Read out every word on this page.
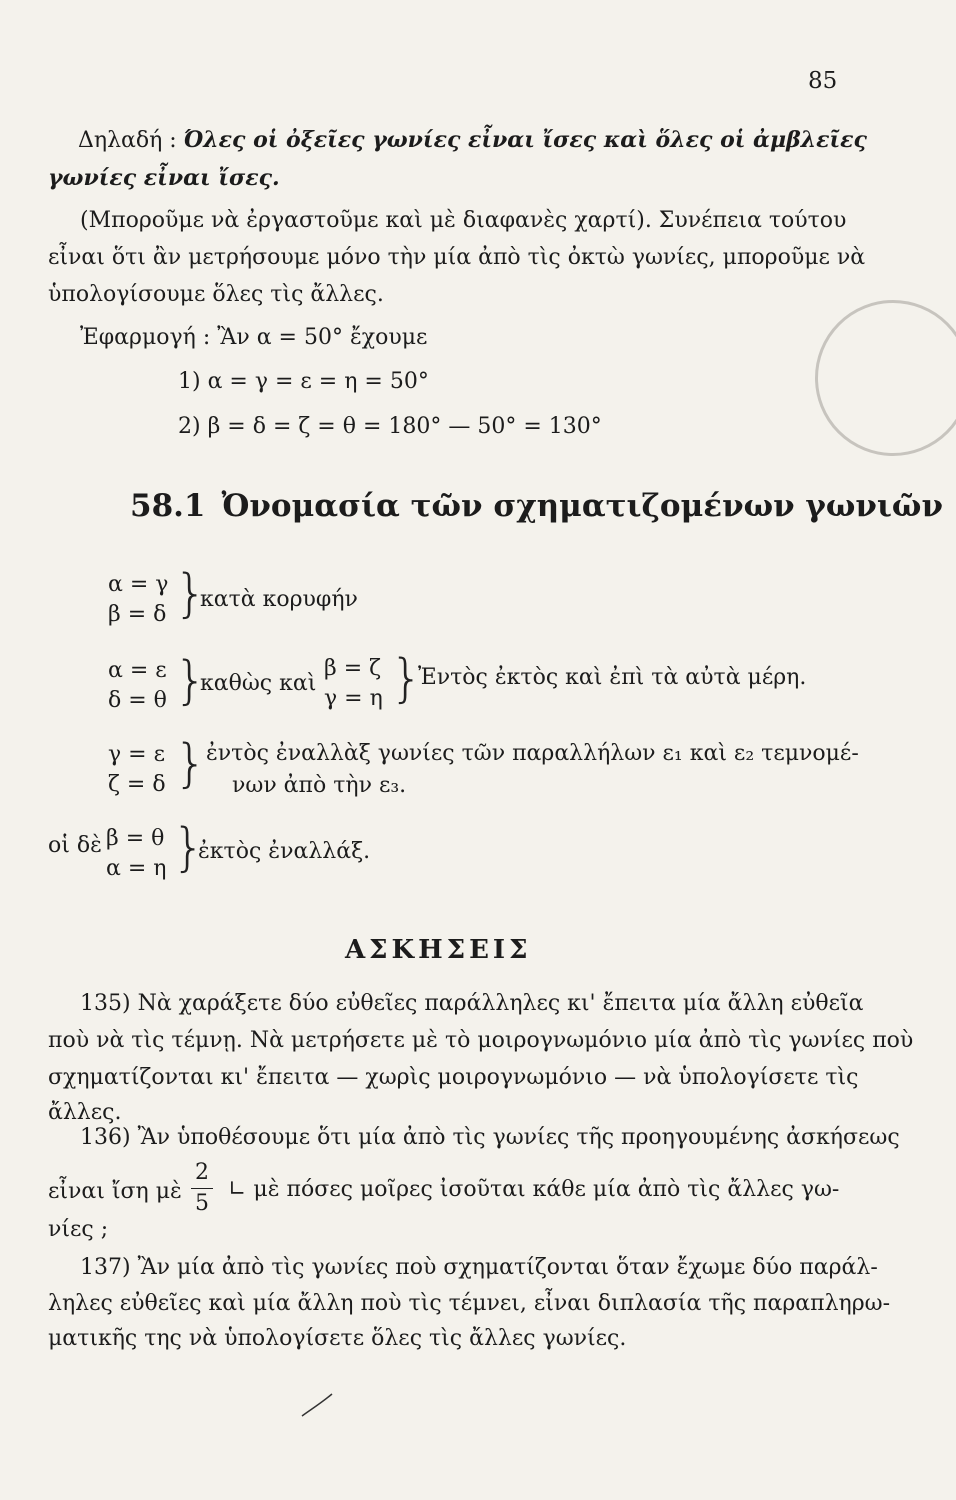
85
Δηλαδή : Όλες οἱ ὀξεῖες γωνίες εἶναι ἴσες καὶ ὅλες οἱ ἀμβλεῖες
γωνίες εἶναι ἴσες.
(Μποροῦμε νὰ ἐργαστοῦμε καὶ μὲ διαφανὲς χαρτί). Συνέπεια τούτου
εἶναι ὅτι ἂν μετρήσουμε μόνο τὴν μία ἀπὸ τὶς ὀκτὼ γωνίες, μποροῦμε νὰ
ὑπολογίσουμε ὅλες τὶς ἄλλες.
Ἐφαρμογή : Ἂν α = 50° ἔχουμε
1) α = γ = ε = η = 50°
2) β = δ = ζ = θ = 180° — 50° = 130°
58.1 Ὀνομασία τῶν σχηματιζομένων γωνιῶν
α = γ
β = δ }
κατὰ κορυφήν
α = ε
δ = θ }
καθὼς καὶ
β = ζ
γ = η }
Ἐντὸς ἐκτὸς καὶ ἐπὶ τὰ αὐτὰ μέρη.
γ = ε
ζ = δ }
ἐντὸς ἐναλλὰξ γωνίες τῶν παραλλήλων ε₁ καὶ ε₂ τεμνομέ-
νων ἀπὸ τὴν ε₃.
οἱ δὲ β = θ
α = η }
ἐκτὸς ἐναλλάξ.
ΑΣΚΗΣΕΙΣ
135) Νὰ χαράξετε δύο εὐθεῖες παράλληλες κι' ἔπειτα μία ἄλλη εὐθεῖα
ποὺ νὰ τὶς τέμνῃ. Νὰ μετρήσετε μὲ τὸ μοιρογνωμόνιο μία ἀπὸ τὶς γωνίες ποὺ
σχηματίζονται κι' ἔπειτα — χωρὶς μοιρογνωμόνιο — νὰ ὑπολογίσετε τὶς
ἄλλες.
136) Ἂν ὑποθέσουμε ὅτι μία ἀπὸ τὶς γωνίες τῆς προηγουμένης ἀσκήσεως
εἶναι ἴση μὲ
2
5
∟ μὲ πόσες μοῖρες ἰσοῦται κάθε μία ἀπὸ τὶς ἄλλες γω-
νίες ;
137) Ἂν μία ἀπὸ τὶς γωνίες ποὺ σχηματίζονται ὅταν ἔχωμε δύο παράλ-
ληλες εὐθεῖες καὶ μία ἄλλη ποὺ τὶς τέμνει, εἶναι διπλασία τῆς παραπληρω-
ματικῆς της νὰ ὑπολογίσετε ὅλες τὶς ἄλλες γωνίες.
